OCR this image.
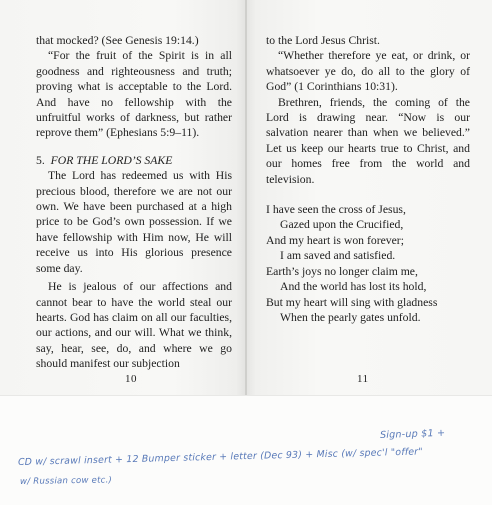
that mocked? (See Genesis 19:14.)

“For the fruit of the Spirit is in all goodness and righteousness and truth; proving what is acceptable to the Lord. And have no fellowship with the unfruitful works of darkness, but rather reprove them” (Ephesians 5:9–11).

5. FOR THE LORD’S SAKE

The Lord has redeemed us with His precious blood, therefore we are not our own. We have been purchased at a high price to be God’s own possession. If we have fellowship with Him now, He will receive us into His glorious presence some day.

He is jealous of our affections and cannot bear to have the world steal our hearts. God has claim on all our faculties, our actions, and our will. What we think, say, hear, see, do, and where we go should manifest our subjection

to the Lord Jesus Christ.

“Whether therefore ye eat, or drink, or whatsoever ye do, do all to the glory of God” (1 Corinthians 10:31).

Brethren, friends, the coming of the Lord is drawing near. “Now is our salvation nearer than when we believed.” Let us keep our hearts true to Christ, and our homes free from the world and television.

I have seen the cross of Jesus,
Gazed upon the Crucified,
And my heart is won forever;
I am saved and satisfied.
Earth’s joys no longer claim me,
And the world has lost its hold,
But my heart will sing with gladness
When the pearly gates unfold.
10	11
Sign-up $1 +
CD w/ scrawl insert + 12 Bumper sticker + letter (Dec 93) + Misc (w/ spec'l "offer"
w/ Russian cow etc.)
